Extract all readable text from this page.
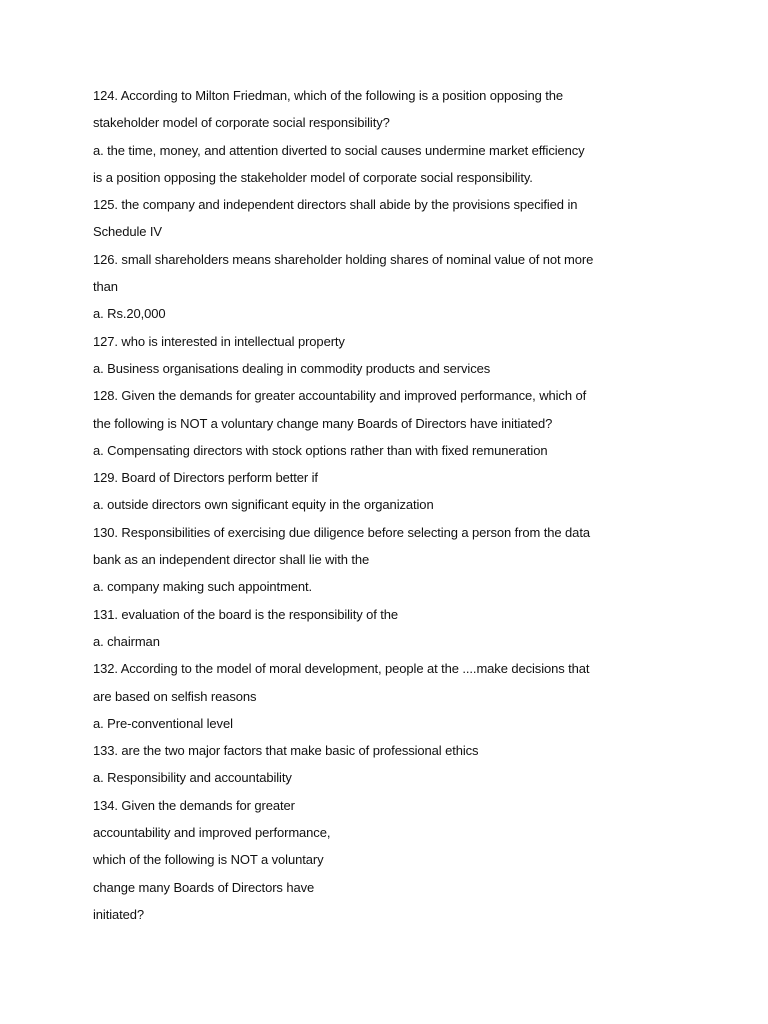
124. According to Milton Friedman, which of the following is a position opposing the
stakeholder model of corporate social responsibility?
a. the time, money, and attention diverted to social causes undermine market efficiency
is a position opposing the stakeholder model of corporate social responsibility.
125. the company and independent directors shall abide by the provisions specified in
Schedule IV
126. small shareholders means shareholder holding shares of nominal value of not more
than
a. Rs.20,000
127. who is interested in intellectual property
a. Business organisations dealing in commodity products and services
128. Given the demands for greater accountability and improved performance, which of
the following is NOT a voluntary change many Boards of Directors have initiated?
a. Compensating directors with stock options rather than with fixed remuneration
129. Board of Directors perform better if
a. outside directors own significant equity in the organization
130. Responsibilities of exercising due diligence before selecting a person from the data
bank as an independent director shall lie with the
a. company making such appointment.
131. evaluation of the board is the responsibility of the
a. chairman
132. According to the model of moral development, people at the ....make decisions that
are based on selfish reasons
a. Pre-conventional level
133. are the two major factors that make basic of professional ethics
a. Responsibility and accountability
134. Given the demands for greater
accountability and improved performance,
which of the following is NOT a voluntary
change many Boards of Directors have
initiated?
